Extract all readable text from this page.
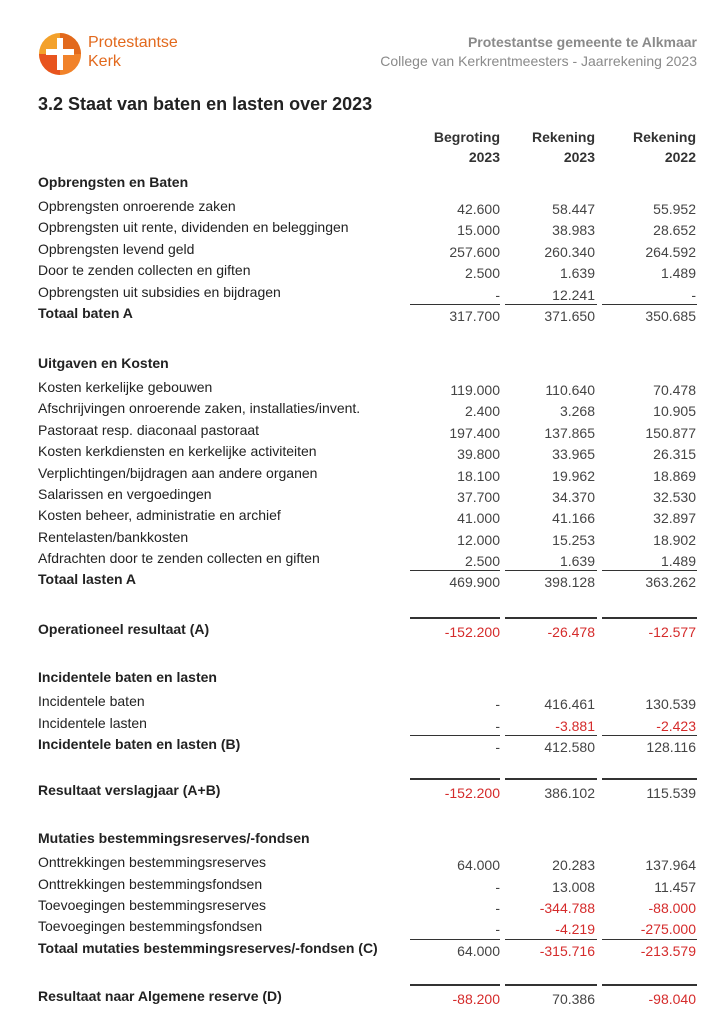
Protestantse
Kerk
Protestantse gemeente te Alkmaar
College van Kerkrentmeesters - Jaarrekening 2023
3.2 Staat van baten en lasten over 2023
Begroting
2023
Rekening
2023
Rekening
2022
Opbrengsten en Baten
Opbrengsten onroerende zaken	42.600	58.447	55.952
Opbrengsten uit rente, dividenden en beleggingen	15.000	38.983	28.652
Opbrengsten levend geld	257.600	260.340	264.592
Door te zenden collecten en giften	2.500	1.639	1.489
Opbrengsten uit subsidies en bijdragen	-	12.241	-
Totaal baten A	317.700	371.650	350.685
Uitgaven en Kosten
Kosten kerkelijke gebouwen	119.000	110.640	70.478
Afschrijvingen onroerende zaken, installaties/invent.	2.400	3.268	10.905
Pastoraat resp. diaconaal pastoraat	197.400	137.865	150.877
Kosten kerkdiensten en kerkelijke activiteiten	39.800	33.965	26.315
Verplichtingen/bijdragen aan andere organen	18.100	19.962	18.869
Salarissen en vergoedingen	37.700	34.370	32.530
Kosten beheer, administratie en archief	41.000	41.166	32.897
Rentelasten/bankkosten	12.000	15.253	18.902
Afdrachten door te zenden collecten en giften	2.500	1.639	1.489
Totaal lasten A	469.900	398.128	363.262
Operationeel resultaat (A)	-152.200	-26.478	-12.577
Incidentele baten en lasten
Incidentele baten	-	416.461	130.539
Incidentele lasten	-	-3.881	-2.423
Incidentele baten en lasten (B)	-	412.580	128.116
Resultaat verslagjaar (A+B)	-152.200	386.102	115.539
Mutaties bestemmingsreserves/-fondsen
Onttrekkingen bestemmingsreserves	64.000	20.283	137.964
Onttrekkingen bestemmingsfondsen	-	13.008	11.457
Toevoegingen bestemmingsreserves	-	-344.788	-88.000
Toevoegingen bestemmingsfondsen	-	-4.219	-275.000
Totaal mutaties bestemmingsreserves/-fondsen (C)	64.000	-315.716	-213.579
Resultaat naar Algemene reserve (D)	-88.200	70.386	-98.040
